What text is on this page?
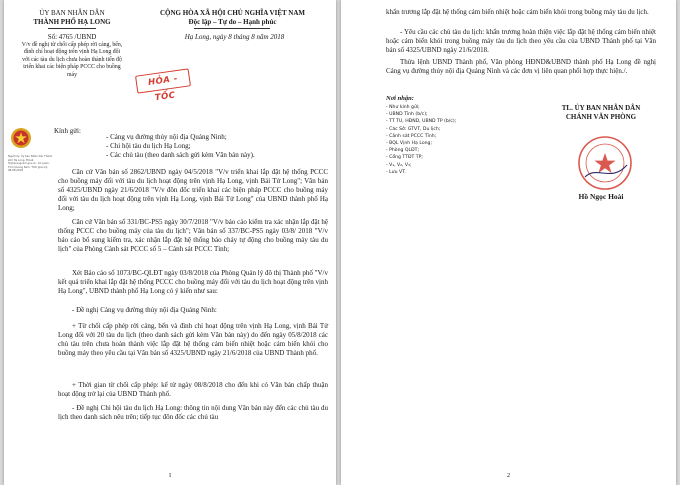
ỦY BAN NHÂN DÂN
THÀNH PHỐ HẠ LONG
CỘNG HÒA XÃ HỘI CHỦ NGHĨA VIỆT NAM
Độc lập – Tự do – Hạnh phúc
Số: 4765 /UBND
V/v đề nghị từ chối cấp phép rời cảng, bến, đình chỉ hoạt động trên vịnh Hạ Long đối với các tàu du lịch chưa hoàn thành tiến độ triển khai các biện pháp PCCC cho buồng máy
Hạ Long, ngày 8 tháng 8 năm 2018
HỎA - TỐC
Người ký: Ủy ban Nhân dân Thành phố Hạ Long. Email: hl@quangninh.gov.vn. Cơ quan: Tỉnh Quảng Ninh. Thời gian ký: 08.08.2018
Kính gửi:
- Cảng vụ đường thủy nội địa Quảng Ninh;
- Chi hội tàu du lịch Hạ Long;
- Các chủ tàu (theo danh sách gửi kèm Văn bản này).
Căn cứ Văn bản số 2862/UBND ngày 04/5/2018 "V/v triển khai lắp đặt hệ thống PCCC cho buồng máy đối với tàu du lịch hoạt động trên vịnh Hạ Long, vịnh Bái Tử Long"; Văn bản số 4325/UBND ngày 21/6/2018 "V/v đôn đốc triển khai các biện pháp PCCC cho buồng máy đối với tàu du lịch hoạt động trên vịnh Hạ Long, vịnh Bái Tử Long" của UBND thành phố Hạ Long;
Căn cứ Văn bản số 331/BC-PS5 ngày 30/7/2018 "V/v báo cáo kiểm tra xác nhận lắp đặt hệ thống PCCC cho buồng máy của tàu du lịch"; Văn bản số 337/BC-PS5 ngày 03/8/ 2018 "V/v báo cáo bổ sung kiểm tra, xác nhận lắp đặt hệ thống báo cháy tự động cho buồng máy tàu du lịch" của Phòng Cảnh sát PCCC số 5 – Cảnh sát PCCC Tỉnh;
Xét Báo cáo số 1073/BC-QLĐT ngày 03/8/2018 của Phòng Quản lý đô thị Thành phố "V/v kết quả triển khai lắp đặt hệ thống PCCC cho buồng máy đối với tàu du lịch hoạt động trên vịnh Hạ Long", UBND thành phố Hạ Long có ý kiến như sau:
- Đề nghị Cảng vụ đường thủy nội địa Quảng Ninh:
+ Từ chối cấp phép rời cảng, bến và đình chỉ hoạt động trên vịnh Hạ Long, vịnh Bái Tử Long đối với 20 tàu du lịch (theo danh sách gửi kèm Văn bản này) do đến ngày 05/8/2018 các chủ tàu trên chưa hoàn thành việc lắp đặt hệ thống cảm biến nhiệt hoặc cảm biến khói cho buồng máy theo yêu cầu tại Văn bản số 4325/UBND ngày 21/6/2018 của UBND Thành phố.
+ Thời gian từ chối cấp phép: kể từ ngày 08/8/2018 cho đến khi có Văn bản chấp thuận hoạt động trở lại của UBND Thành phố.
- Đề nghị Chi hội tàu du lịch Hạ Long: thông tin nội dung Văn bản này đến các chủ tàu du lịch theo danh sách nêu trên; tiếp tục đôn đốc các chủ tàu
1
khẩn trương lắp đặt hệ thống cảm biến nhiệt hoặc cảm biến khói trong buồng máy tàu du lịch.
- Yêu cầu các chủ tàu du lịch: khẩn trương hoàn thiện việc lắp đặt hệ thống cảm biến nhiệt hoặc cảm biến khói trong buồng máy tàu du lịch theo yêu cầu của UBND Thành phố tại Văn bản số 4325/UBND ngày 21/6/2018.
Thừa lệnh UBND Thành phố, Văn phòng HĐND&UBND thành phố Hạ Long đề nghị Cảng vụ đường thủy nội địa Quảng Ninh và các đơn vị liên quan phối hợp thực hiện./.
Nơi nhận:
- Như kính gửi;
- UBND Tỉnh (b/c);
- TT TU, HĐND, UBND TP (b/c);
- Các Sở: GTVT, Du lịch;
- Cảnh sát PCCC Tỉnh;
- BQL Vịnh Hạ Long;
- Phòng QLĐT;
- Cổng TTĐT TP;
- V₁, V₂, V₃;
- Lưu VT.
TL. ỦY BAN NHÂN DÂN
CHÁNH VĂN PHÒNG
Hồ Ngọc Hoài
2
